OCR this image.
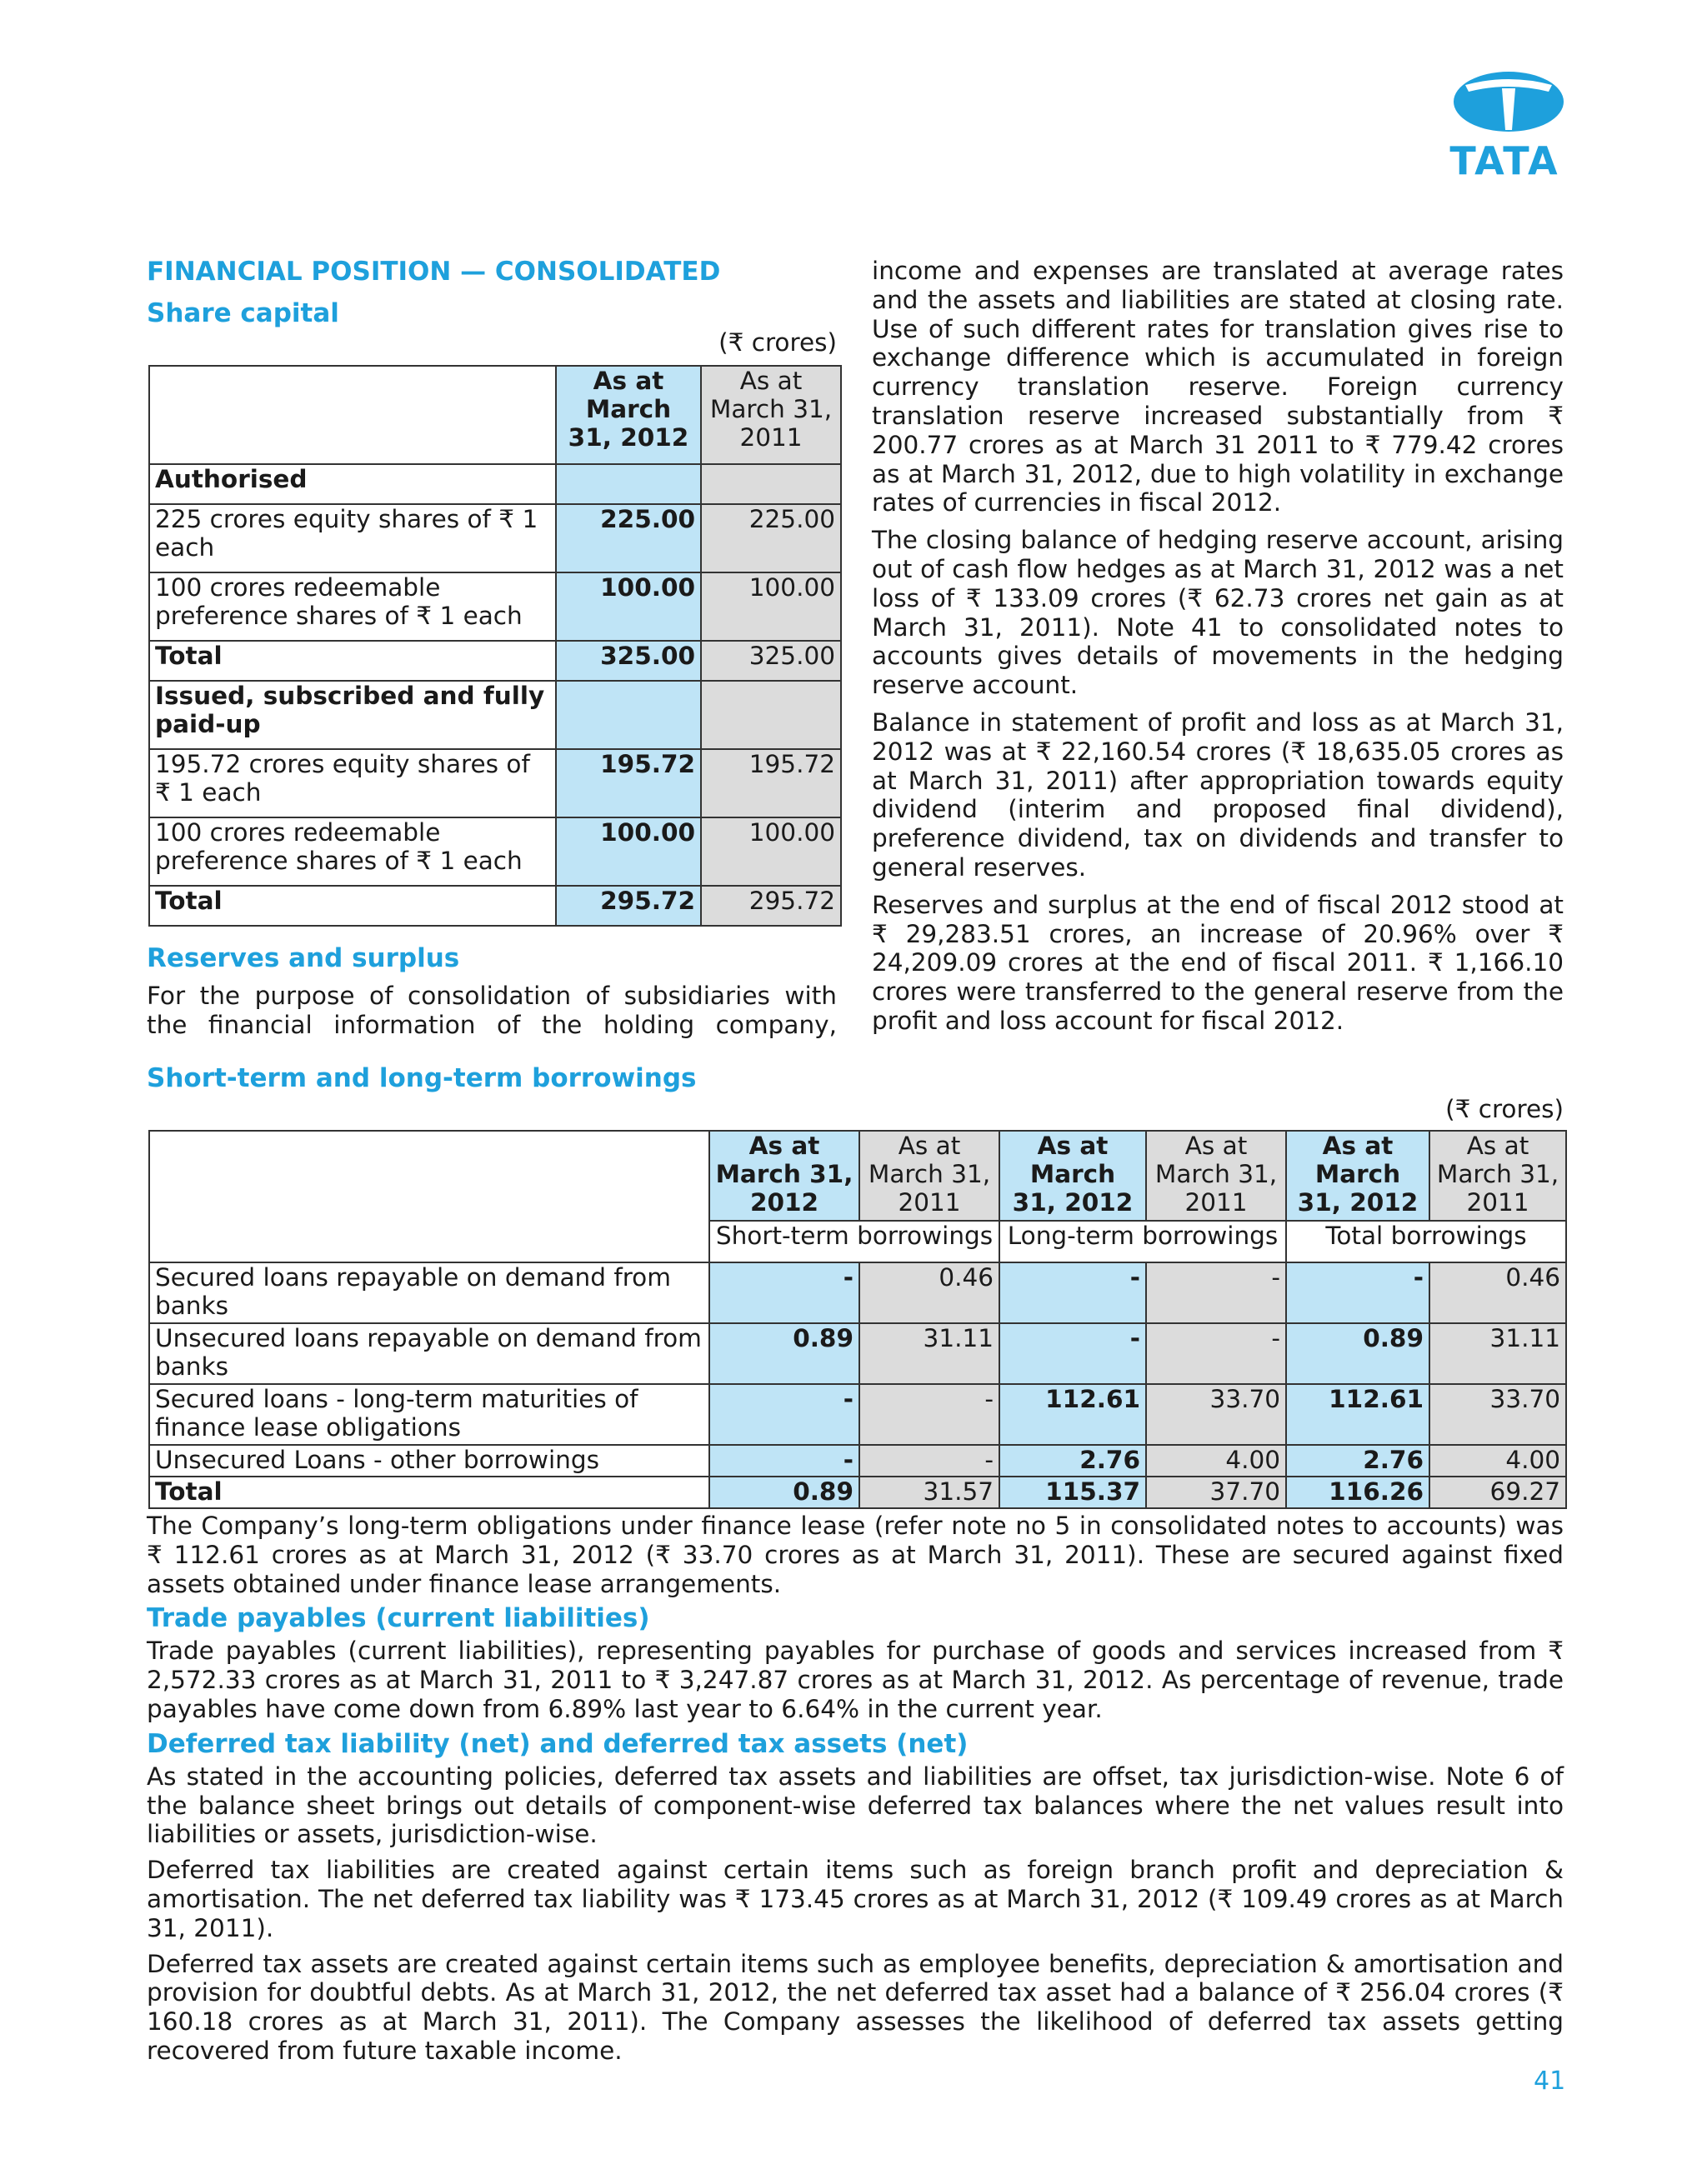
TATA
FINANCIAL POSITION — CONSOLIDATED
Share capital
(₹ crores)
	As at March 31, 2012	As at March 31, 2011
Authorised		
225 crores equity shares of ₹ 1 each	225.00	225.00
100 crores redeemable preference shares of ₹ 1 each	100.00	100.00
Total	325.00	325.00
Issued, subscribed and fully paid-up		
195.72 crores equity shares of ₹ 1 each	195.72	195.72
100 crores redeemable preference shares of ₹ 1 each	100.00	100.00
Total	295.72	295.72
Reserves and surplus
For the purpose of consolidation of subsidiaries with the financial information of the holding company,
income and expenses are translated at average rates and the assets and liabilities are stated at closing rate. Use of such different rates for translation gives rise to exchange difference which is accumulated in foreign currency translation reserve. Foreign currency translation reserve increased substantially from ₹ 200.77 crores as at March 31 2011 to ₹ 779.42 crores as at March 31, 2012, due to high volatility in exchange rates of currencies in fiscal 2012.
The closing balance of hedging reserve account, arising out of cash flow hedges as at March 31, 2012 was a net loss of ₹ 133.09 crores (₹ 62.73 crores net gain as at March 31, 2011). Note 41 to consolidated notes to accounts gives details of movements in the hedging reserve account.
Balance in statement of profit and loss as at March 31, 2012 was at ₹ 22,160.54 crores (₹ 18,635.05 crores as at March 31, 2011) after appropriation towards equity dividend (interim and proposed final dividend), preference dividend, tax on dividends and transfer to general reserves.
Reserves and surplus at the end of fiscal 2012 stood at ₹ 29,283.51 crores, an increase of 20.96% over ₹ 24,209.09 crores at the end of fiscal 2011. ₹ 1,166.10 crores were transferred to the general reserve from the profit and loss account for fiscal 2012.
Short-term and long-term borrowings
(₹ crores)
	As at March 31, 2012	As at March 31, 2011	As at March 31, 2012	As at March 31, 2011	As at March 31, 2012	As at March 31, 2011
	Short-term borrowings		Long-term borrowings		Total borrowings	
Secured loans repayable on demand from banks	-	0.46	-	-	-	0.46
Unsecured loans repayable on demand from banks	0.89	31.11	-	-	0.89	31.11
Secured loans - long-term maturities of finance lease obligations	-	-	112.61	33.70	112.61	33.70
Unsecured Loans - other borrowings	-	-	2.76	4.00	2.76	4.00
Total	0.89	31.57	115.37	37.70	116.26	69.27
The Company’s long-term obligations under finance lease (refer note no 5 in consolidated notes to accounts) was ₹ 112.61 crores as at March 31, 2012 (₹ 33.70 crores as at March 31, 2011). These are secured against fixed assets obtained under finance lease arrangements.
Trade payables (current liabilities)
Trade payables (current liabilities), representing payables for purchase of goods and services increased from ₹ 2,572.33 crores as at March 31, 2011 to ₹ 3,247.87 crores as at March 31, 2012. As percentage of revenue, trade payables have come down from 6.89% last year to 6.64% in the current year.
Deferred tax liability (net) and deferred tax assets (net)
As stated in the accounting policies, deferred tax assets and liabilities are offset, tax jurisdiction-wise. Note 6 of the balance sheet brings out details of component-wise deferred tax balances where the net values result into liabilities or assets, jurisdiction-wise.
Deferred tax liabilities are created against certain items such as foreign branch profit and depreciation & amortisation. The net deferred tax liability was ₹ 173.45 crores as at March 31, 2012 (₹ 109.49 crores as at March 31, 2011).
Deferred tax assets are created against certain items such as employee benefits, depreciation & amortisation and provision for doubtful debts. As at March 31, 2012, the net deferred tax asset had a balance of ₹ 256.04 crores (₹ 160.18 crores as at March 31, 2011). The Company assesses the likelihood of deferred tax assets getting recovered from future taxable income.
41
